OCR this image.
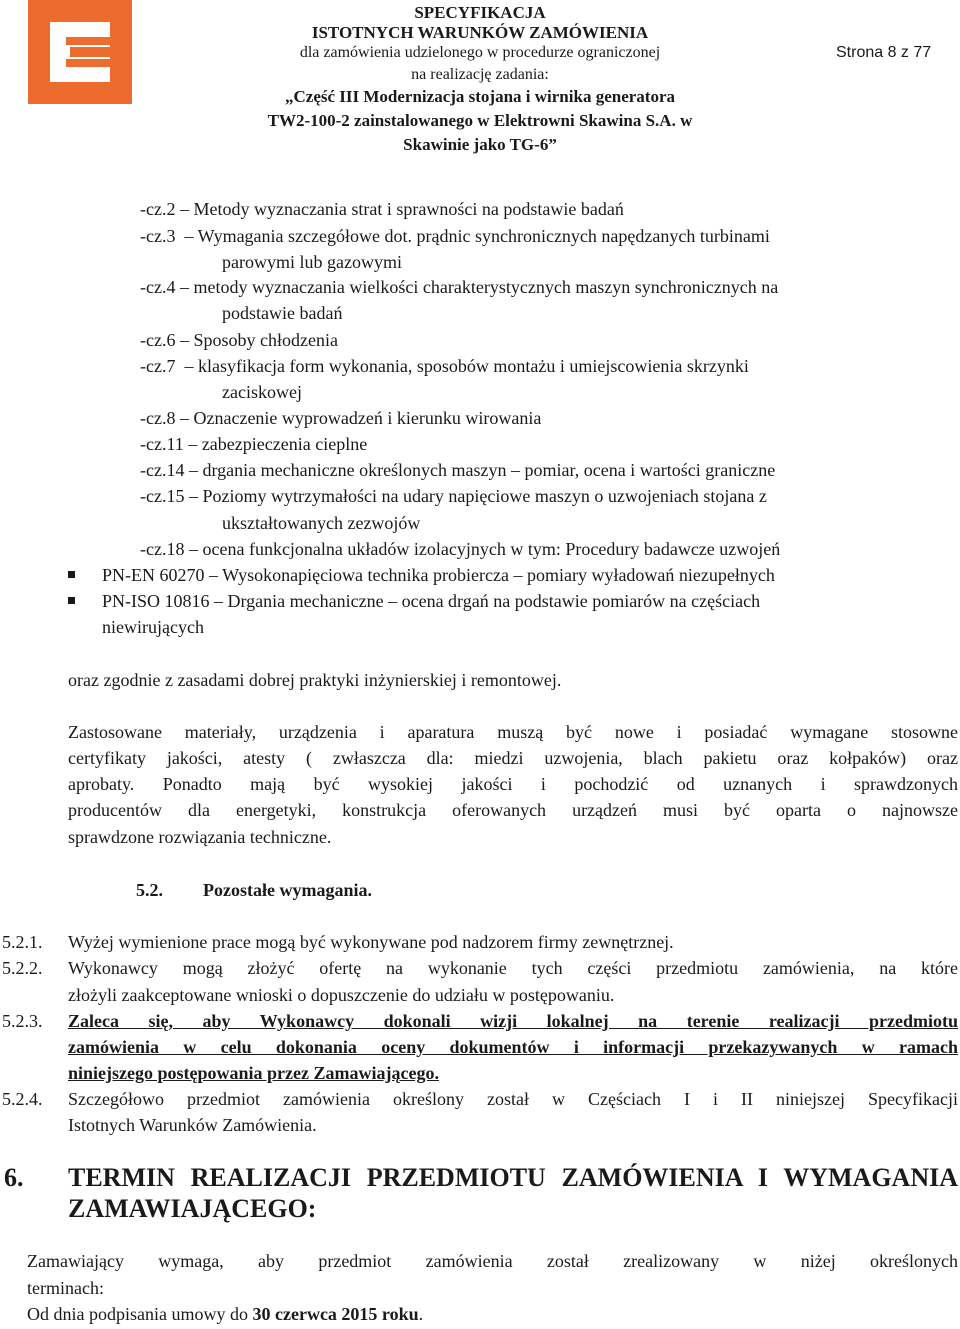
SPECYFIKACJA
ISTOTNYCH WARUNKÓW ZAMÓWIENIA
dla zamówienia udzielonego w procedurze ograniczonej
na realizację zadania:
„Część III Modernizacja stojana i wirnika generatora
TW2-100-2 zainstalowanego w Elektrowni Skawina S.A. w
Skawinie jako TG-6”
Strona 8 z 77
-cz.2 – Metody wyznaczania strat i sprawności na podstawie badań
-cz.3 – Wymagania szczegółowe dot. prądnic synchronicznych napędzanych turbinami
parowymi lub gazowymi
-cz.4 – metody wyznaczania wielkości charakterystycznych maszyn synchronicznych na
podstawie badań
-cz.6 – Sposoby chłodzenia
-cz.7 – klasyfikacja form wykonania, sposobów montażu i umiejscowienia skrzynki
zaciskowej
-cz.8 – Oznaczenie wyprowadzeń i kierunku wirowania
-cz.11 – zabezpieczenia cieplne
-cz.14 – drgania mechaniczne określonych maszyn – pomiar, ocena i wartości graniczne
-cz.15 – Poziomy wytrzymałości na udary napięciowe maszyn o uzwojeniach stojana z
ukształtowanych zezwojów
-cz.18 – ocena funkcjonalna układów izolacyjnych w tym: Procedury badawcze uzwojeń
PN-EN 60270 – Wysokonapięciowa technika probiercza – pomiary wyładowań niezupełnych
PN-ISO 10816 – Drgania mechaniczne – ocena drgań na podstawie pomiarów na częściach
niewirujących
oraz zgodnie z zasadami dobrej praktyki inżynierskiej i remontowej.
Zastosowane materiały, urządzenia i aparatura muszą być nowe i posiadać wymagane stosowne
certyfikaty jakości, atesty ( zwłaszcza dla: miedzi uzwojenia, blach pakietu oraz kołpaków) oraz
aprobaty. Ponadto mają być wysokiej jakości i pochodzić od uznanych i sprawdzonych
producentów dla energetyki, konstrukcja oferowanych urządzeń musi być oparta o najnowsze
sprawdzone rozwiązania techniczne.
5.2. Pozostałe wymagania.
5.2.1. Wyżej wymienione prace mogą być wykonywane pod nadzorem firmy zewnętrznej.
5.2.2. Wykonawcy mogą złożyć ofertę na wykonanie tych części przedmiotu zamówienia, na które
złożyli zaakceptowane wnioski o dopuszczenie do udziału w postępowaniu.
5.2.3. Zaleca się, aby Wykonawcy dokonali wizji lokalnej na terenie realizacji przedmiotu
zamówienia w celu dokonania oceny dokumentów i informacji przekazywanych w ramach
niniejszego postępowania przez Zamawiającego.
5.2.4. Szczegółowo przedmiot zamówienia określony został w Częściach I i II niniejszej Specyfikacji
Istotnych Warunków Zamówienia.
6. TERMIN REALIZACJI PRZEDMIOTU ZAMÓWIENIA I WYMAGANIA
ZAMAWIAJĄCEGO:
Zamawiający wymaga, aby przedmiot zamówienia został zrealizowany w niżej określonych
terminach:
Od dnia podpisania umowy do 30 czerwca 2015 roku.
